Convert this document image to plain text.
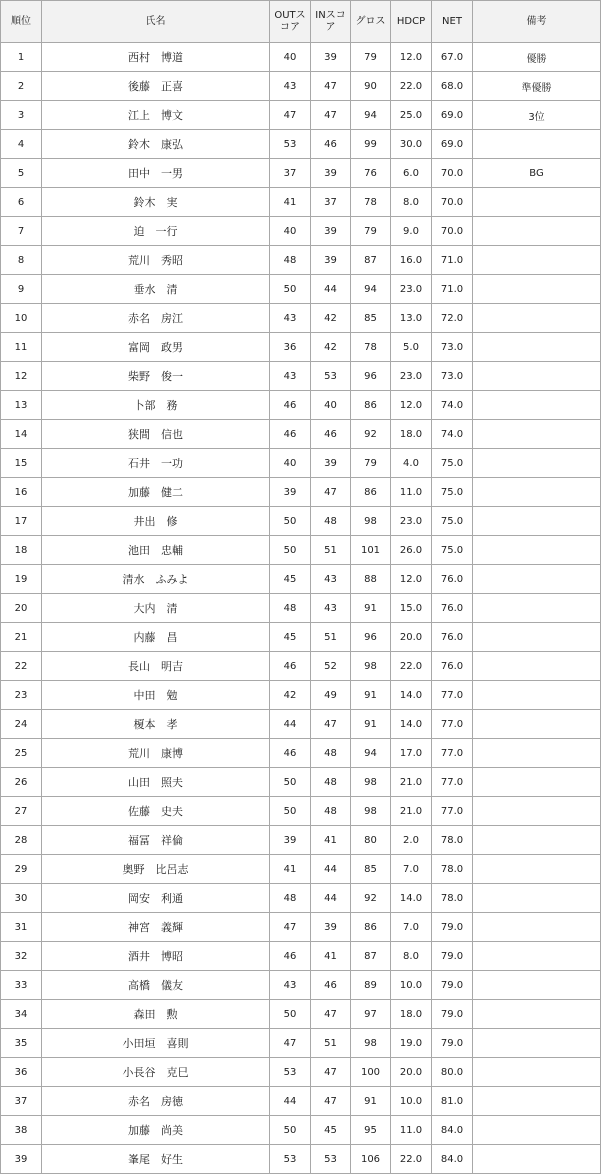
順位	氏名	OUTスコア	INスコア	グロス	HDCP	NET	備考
1	西村　博道	40	39	79	12.0	67.0	優勝
2	後藤　正喜	43	47	90	22.0	68.0	準優勝
3	江上　博文	47	47	94	25.0	69.0	3位
4	鈴木　康弘	53	46	99	30.0	69.0	
5	田中　一男	37	39	76	6.0	70.0	BG
6	鈴木　実	41	37	78	8.0	70.0	
7	迫　一行	40	39	79	9.0	70.0	
8	荒川　秀昭	48	39	87	16.0	71.0	
9	垂水　清	50	44	94	23.0	71.0	
10	赤名　房江	43	42	85	13.0	72.0	
11	富岡　政男	36	42	78	5.0	73.0	
12	柴野　俊一	43	53	96	23.0	73.0	
13	卜部　務	46	40	86	12.0	74.0	
14	狭間　信也	46	46	92	18.0	74.0	
15	石井　一功	40	39	79	4.0	75.0	
16	加藤　健二	39	47	86	11.0	75.0	
17	井出　修	50	48	98	23.0	75.0	
18	池田　忠輔	50	51	101	26.0	75.0	
19	清水　ふみよ	45	43	88	12.0	76.0	
20	大内　清	48	43	91	15.0	76.0	
21	内藤　昌	45	51	96	20.0	76.0	
22	長山　明吉	46	52	98	22.0	76.0	
23	中田　勉	42	49	91	14.0	77.0	
24	榎本　孝	44	47	91	14.0	77.0	
25	荒川　康博	46	48	94	17.0	77.0	
26	山田　照夫	50	48	98	21.0	77.0	
27	佐藤　史夫	50	48	98	21.0	77.0	
28	福冨　祥倫	39	41	80	2.0	78.0	
29	奥野　比呂志	41	44	85	7.0	78.0	
30	岡安　利通	48	44	92	14.0	78.0	
31	神宮　義輝	47	39	86	7.0	79.0	
32	酒井　博昭	46	41	87	8.0	79.0	
33	高橋　儀友	43	46	89	10.0	79.0	
34	森田　勲	50	47	97	18.0	79.0	
35	小田垣　喜則	47	51	98	19.0	79.0	
36	小長谷　克巳	53	47	100	20.0	80.0	
37	赤名　房徳	44	47	91	10.0	81.0	
38	加藤　尚美	50	45	95	11.0	84.0	
39	峯尾　好生	53	53	106	22.0	84.0	
